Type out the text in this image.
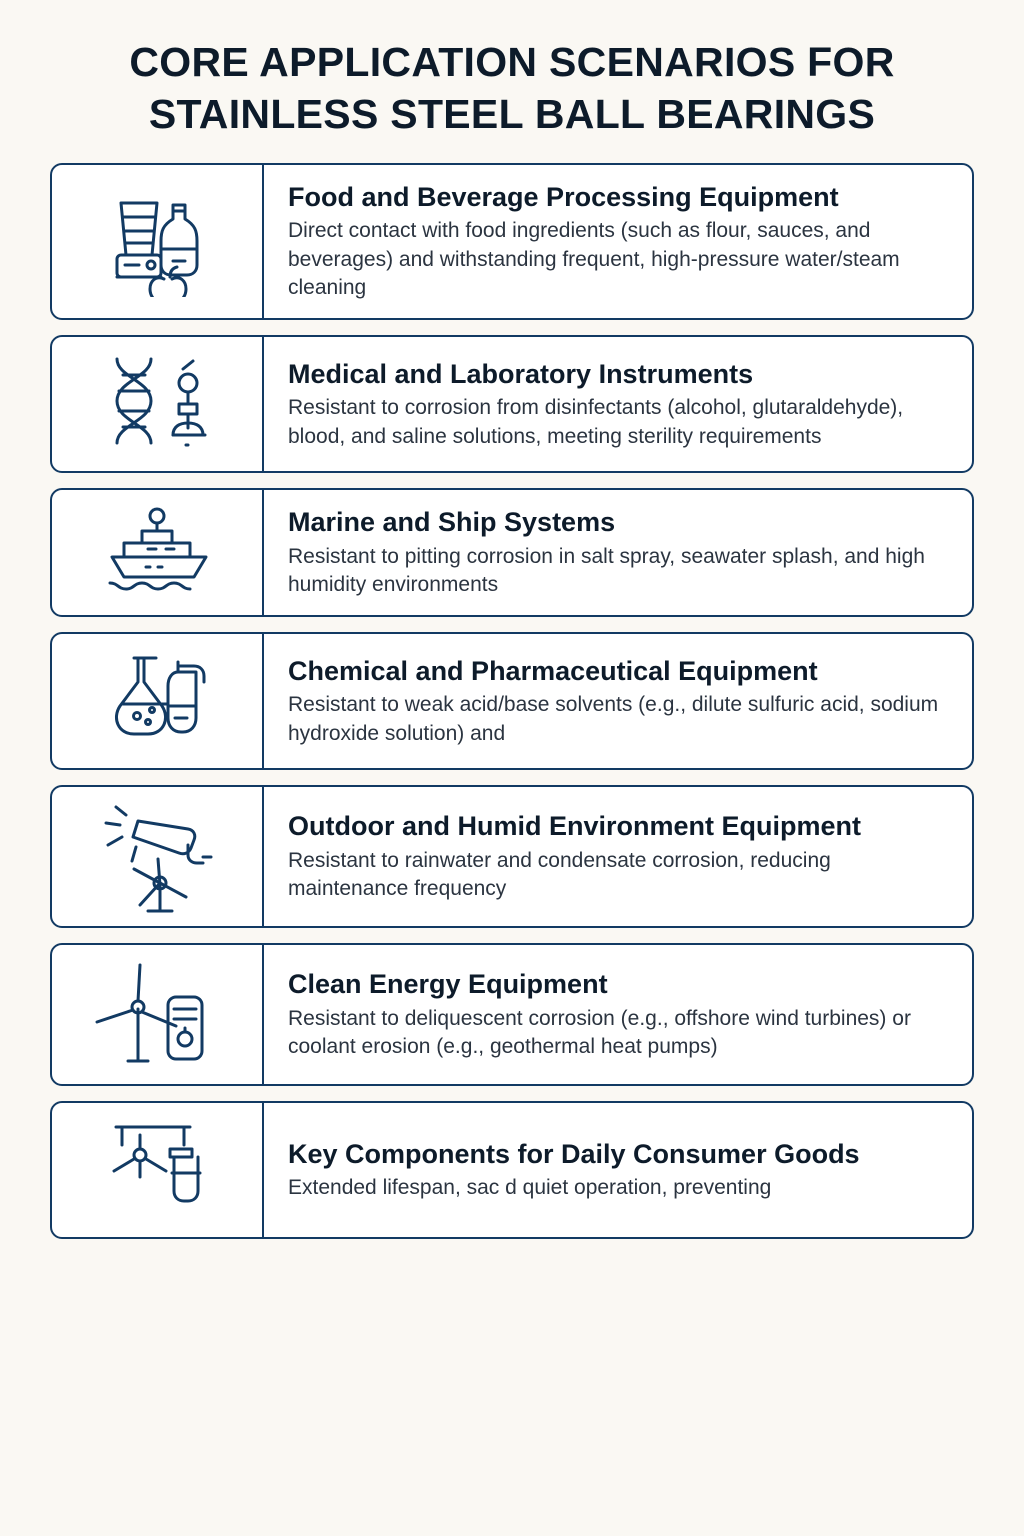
CORE APPLICATION SCENARIOS FOR
STAINLESS STEEL BALL BEARINGS
Food and Beverage Processing Equipment

Direct contact with food ingredients (such as flour, sauces, and beverages) and withstanding frequent, high-pressure water/steam cleaning

Medical and Laboratory Instruments

Resistant to corrosion from disinfectants (alcohol, glutaraldehyde), blood, and saline solutions, meeting sterility requirements

Marine and Ship Systems

Resistant to pitting corrosion in salt spray, seawater splash, and high humidity environments

Chemical and Pharmaceutical Equipment

Resistant to weak acid/base solvents (e.g., dilute sulfuric acid, sodium hydroxide solution) and

Outdoor and Humid Environment Equipment

Resistant to rainwater and condensate corrosion, reducing maintenance frequency

Clean Energy Equipment

Resistant to deliquescent corrosion (e.g., offshore wind turbines) or coolant erosion (e.g., geothermal heat pumps)

Key Components for Daily Consumer Goods

Extended lifespan, sac d quiet operation, preventing
